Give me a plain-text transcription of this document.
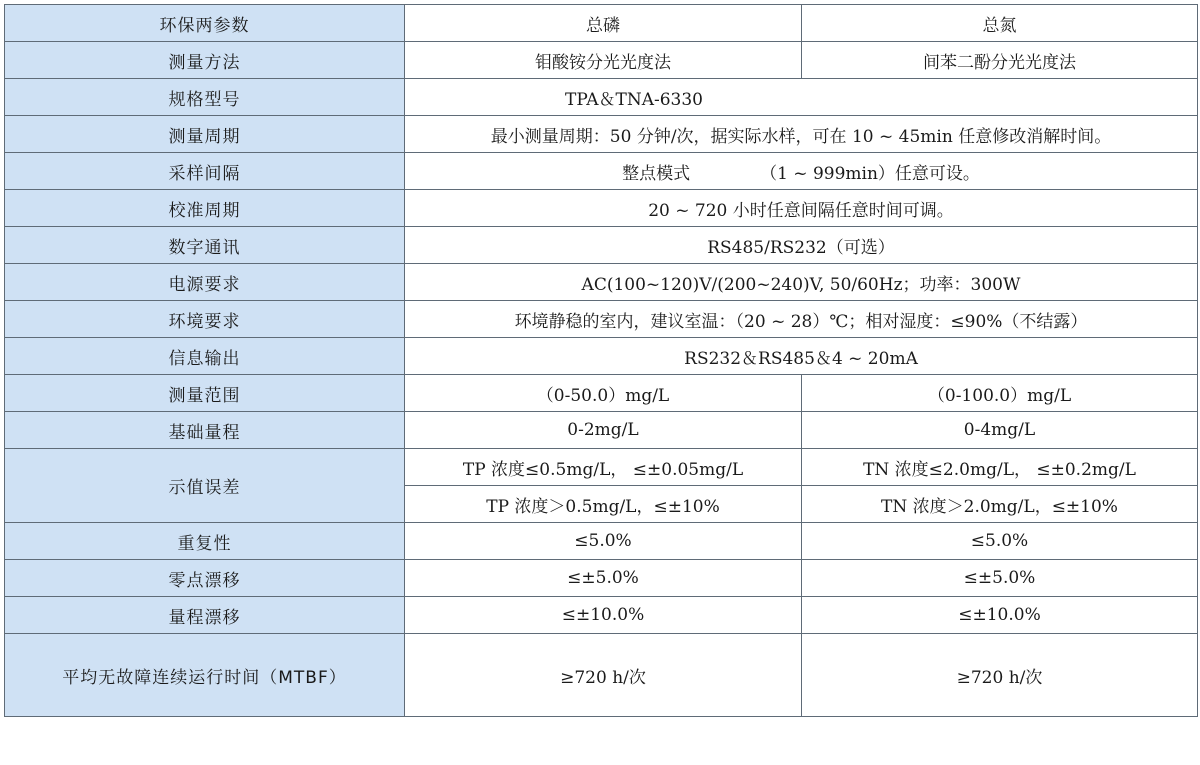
环保两参数	总磷	总氮
测量方法	钼酸铵分光光度法	间苯二酚分光光度法
规格型号	TPA＆TNA-6330	
测量周期	最小测量周期：50 分钟/次，据实际水样，可在 10 ~ 45min 任意修改消解时间。	
采样间隔	整点模式 （1 ~ 999min）任意可设。	
校准周期	20 ~ 720 小时任意间隔任意时间可调。	
数字通讯	RS485/RS232（可选）	
电源要求	AC(100~120)V/(200~240)V, 50/60Hz；功率：300W	
环境要求	环境静稳的室内，建议室温：（20 ~ 28）℃；相对湿度：≤90%（不结露）	
信息输出	RS232＆RS485＆4 ~ 20mA	
测量范围	（0-50.0）mg/L	（0-100.0）mg/L
基础量程	0-2mg/L	0-4mg/L
示值误差	TP 浓度≤0.5mg/L， ≤±0.05mg/L	TN 浓度≤2.0mg/L， ≤±0.2mg/L
	TP 浓度＞0.5mg/L，≤±10%	TN 浓度＞2.0mg/L，≤±10%
重复性	≤5.0%	≤5.0%
零点漂移	≤±5.0%	≤±5.0%
量程漂移	≤±10.0%	≤±10.0%
平均无故障连续运行时间（MTBF）	≥720 h/次	≥720 h/次
